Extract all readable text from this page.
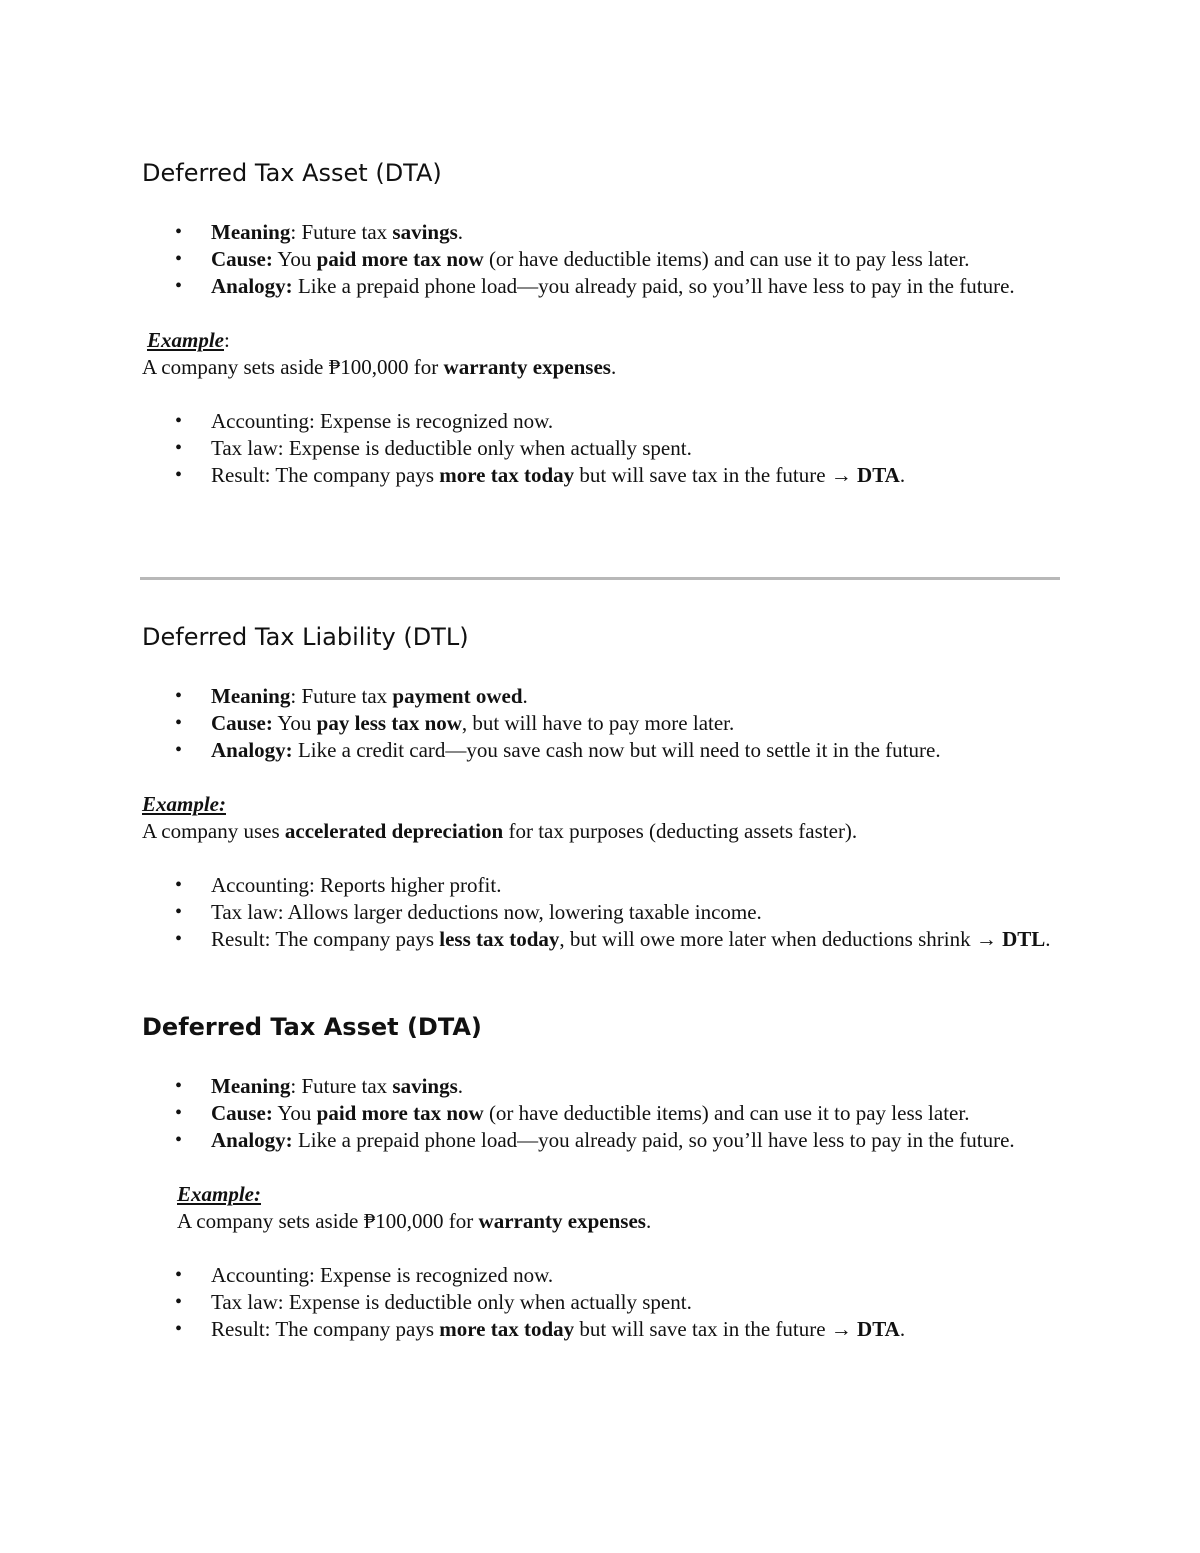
Deferred Tax Asset (DTA)
• Meaning: Future tax savings.
• Cause: You paid more tax now (or have deductible items) and can use it to pay less later.
• Analogy: Like a prepaid phone load—you already paid, so you’ll have less to pay in the future.
Example:
A company sets aside ₱100,000 for warranty expenses.
• Accounting: Expense is recognized now.
• Tax law: Expense is deductible only when actually spent.
• Result: The company pays more tax today but will save tax in the future → DTA.
Deferred Tax Liability (DTL)
• Meaning: Future tax payment owed.
• Cause: You pay less tax now, but will have to pay more later.
• Analogy: Like a credit card—you save cash now but will need to settle it in the future.
Example:
A company uses accelerated depreciation for tax purposes (deducting assets faster).
• Accounting: Reports higher profit.
• Tax law: Allows larger deductions now, lowering taxable income.
• Result: The company pays less tax today, but will owe more later when deductions shrink → DTL.
Deferred Tax Asset (DTA)
• Meaning: Future tax savings.
• Cause: You paid more tax now (or have deductible items) and can use it to pay less later.
• Analogy: Like a prepaid phone load—you already paid, so you’ll have less to pay in the future.
Example:
A company sets aside ₱100,000 for warranty expenses.
• Accounting: Expense is recognized now.
• Tax law: Expense is deductible only when actually spent.
• Result: The company pays more tax today but will save tax in the future → DTA.
